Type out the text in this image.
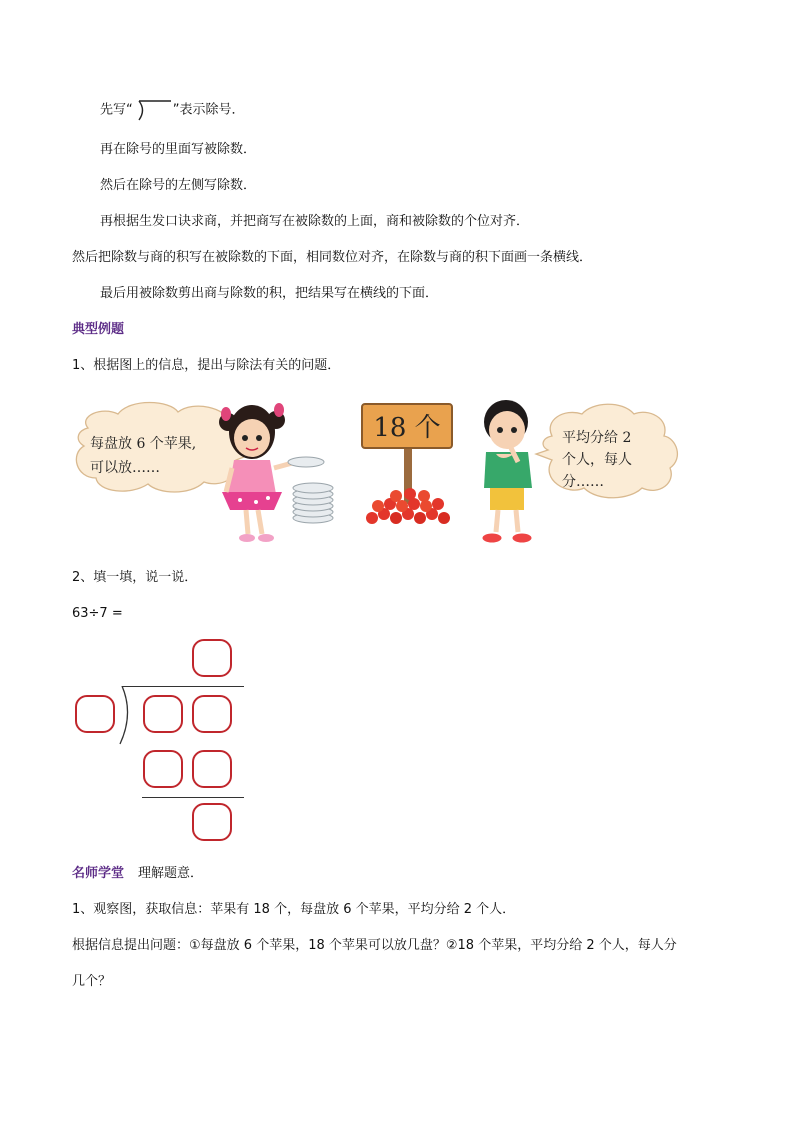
先写“	”表示除号．
再在除号的里面写被除数．
然后在除号的左侧写除数．
再根据生发口诀求商，并把商写在被除数的上面，商和被除数的个位对齐．
然后把除数与商的积写在被除数的下面，相同数位对齐，在除数与商的积下面画一条横线．
最后用被除数剪出商与除数的积，把结果写在横线的下面．
典型例题
1、根据图上的信息，提出与除法有关的问题．
每盘放 6 个苹果,
可以放……
18 个	平均分给 2
个人，每人
分……
2、填一填，说一说．
63÷7 =
名师学堂 理解题意．
1、观察图，获取信息：苹果有 18 个，每盘放 6 个苹果，平均分给 2 个人．
根据信息提出问题：①每盘放 6 个苹果，18 个苹果可以放几盘？②18 个苹果，平均分给 2 个人，每人分
几个？
